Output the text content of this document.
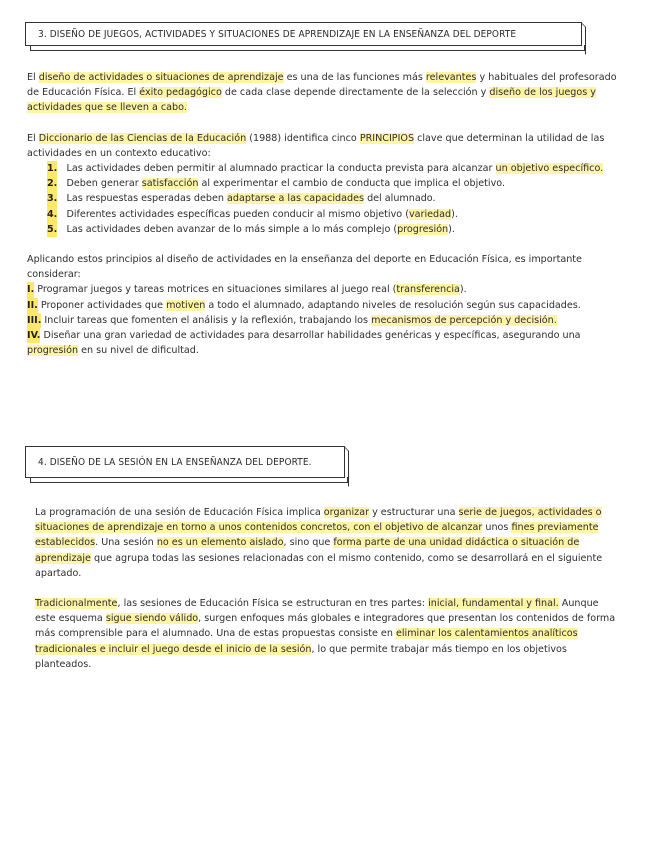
3. DISEÑO DE JUEGOS, ACTIVIDADES Y SITUACIONES DE APRENDIZAJE EN LA ENSEÑANZA DEL DEPORTE

El diseño de actividades o situaciones de aprendizaje es una de las funciones más relevantes y habituales del profesorado de Educación Física. El éxito pedagógico de cada clase depende directamente de la selección y diseño de los juegos y actividades que se lleven a cabo.

El Diccionario de las Ciencias de la Educación (1988) identifica cinco PRINCIPIOS clave que determinan la utilidad de las actividades en un contexto educativo:

1. Las actividades deben permitir al alumnado practicar la conducta prevista para alcanzar un objetivo específico.

2. Deben generar satisfacción al experimentar el cambio de conducta que implica el objetivo.

3. Las respuestas esperadas deben adaptarse a las capacidades del alumnado.

4. Diferentes actividades específicas pueden conducir al mismo objetivo (variedad).

5. Las actividades deben avanzar de lo más simple a lo más complejo (progresión).

Aplicando estos principios al diseño de actividades en la enseñanza del deporte en Educación Física, es importante considerar:

I. Programar juegos y tareas motrices en situaciones similares al juego real (transferencia).

II. Proponer actividades que motiven a todo el alumnado, adaptando niveles de resolución según sus capacidades.

III. Incluir tareas que fomenten el análisis y la reflexión, trabajando los mecanismos de percepción y decisión.

IV. Diseñar una gran variedad de actividades para desarrollar habilidades genéricas y específicas, asegurando una progresión en su nivel de dificultad.

4. DISEÑO DE LA SESIÓN EN LA ENSEÑANZA DEL DEPORTE.

La programación de una sesión de Educación Física implica organizar y estructurar una serie de juegos, actividades o situaciones de aprendizaje en torno a unos contenidos concretos, con el objetivo de alcanzar unos fines previamente establecidos. Una sesión no es un elemento aislado, sino que forma parte de una unidad didáctica o situación de aprendizaje que agrupa todas las sesiones relacionadas con el mismo contenido, como se desarrollará en el siguiente apartado.

Tradicionalmente, las sesiones de Educación Física se estructuran en tres partes: inicial, fundamental y final. Aunque este esquema sigue siendo válido, surgen enfoques más globales e integradores que presentan los contenidos de forma más comprensible para el alumnado. Una de estas propuestas consiste en eliminar los calentamientos analíticos tradicionales e incluir el juego desde el inicio de la sesión, lo que permite trabajar más tiempo en los objetivos planteados.
